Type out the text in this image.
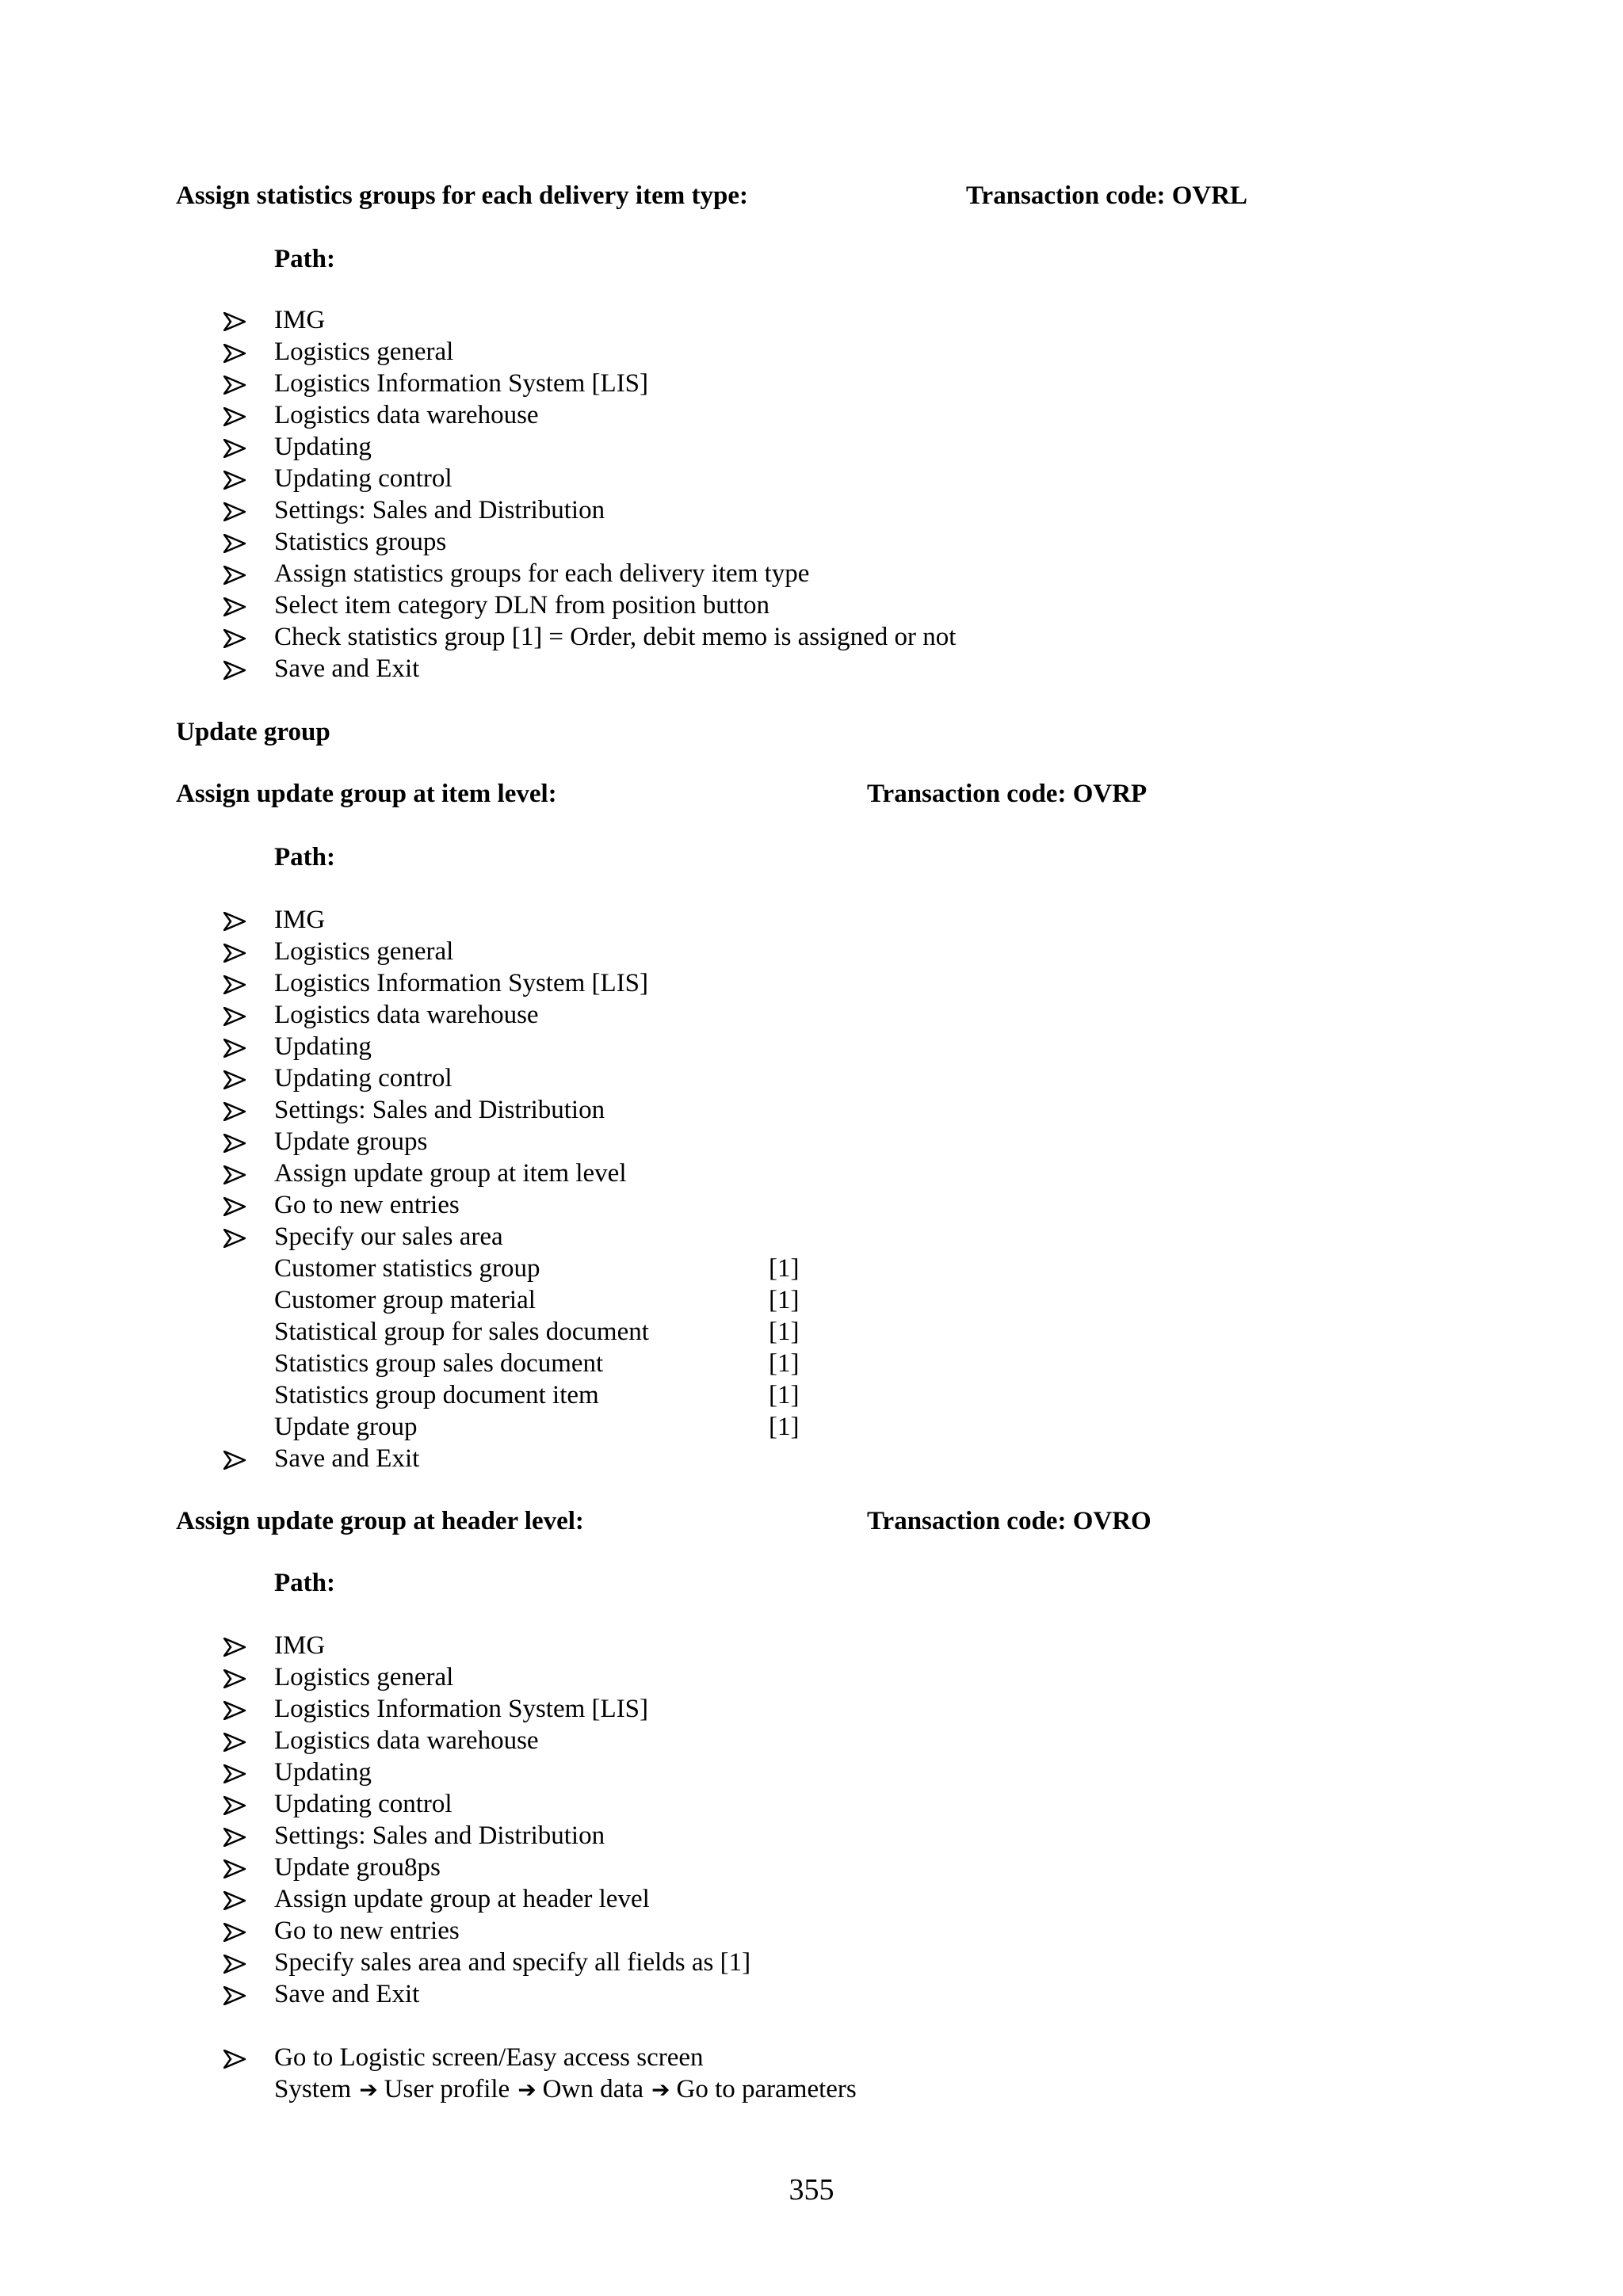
Assign statistics groups for each delivery item type:	Transaction code: OVRL
Path:
IMG
Logistics general
Logistics Information System [LIS]
Logistics data warehouse
Updating
Updating control
Settings: Sales and Distribution
Statistics groups
Assign statistics groups for each delivery item type
Select item category DLN from position button
Check statistics group [1] = Order, debit memo is assigned or not
Save and Exit
Update group
Assign update group at item level:	Transaction code: OVRP
Path:
IMG
Logistics general
Logistics Information System [LIS]
Logistics data warehouse
Updating
Updating control
Settings: Sales and Distribution
Update groups
Assign update group at item level
Go to new entries
Specify our sales area
Customer statistics group	[1]
Customer group material	[1]
Statistical group for sales document	[1]
Statistics group sales document	[1]
Statistics group document item	[1]
Update group	[1]
Save and Exit
Assign update group at header level:	Transaction code: OVRO
Path:
IMG
Logistics general
Logistics Information System [LIS]
Logistics data warehouse
Updating
Updating control
Settings: Sales and Distribution
Update grou8ps
Assign update group at header level
Go to new entries
Specify sales area and specify all fields as [1]
Save and Exit
Go to Logistic screen/Easy access screen
System ➔ User profile ➔ Own data ➔ Go to parameters
355
